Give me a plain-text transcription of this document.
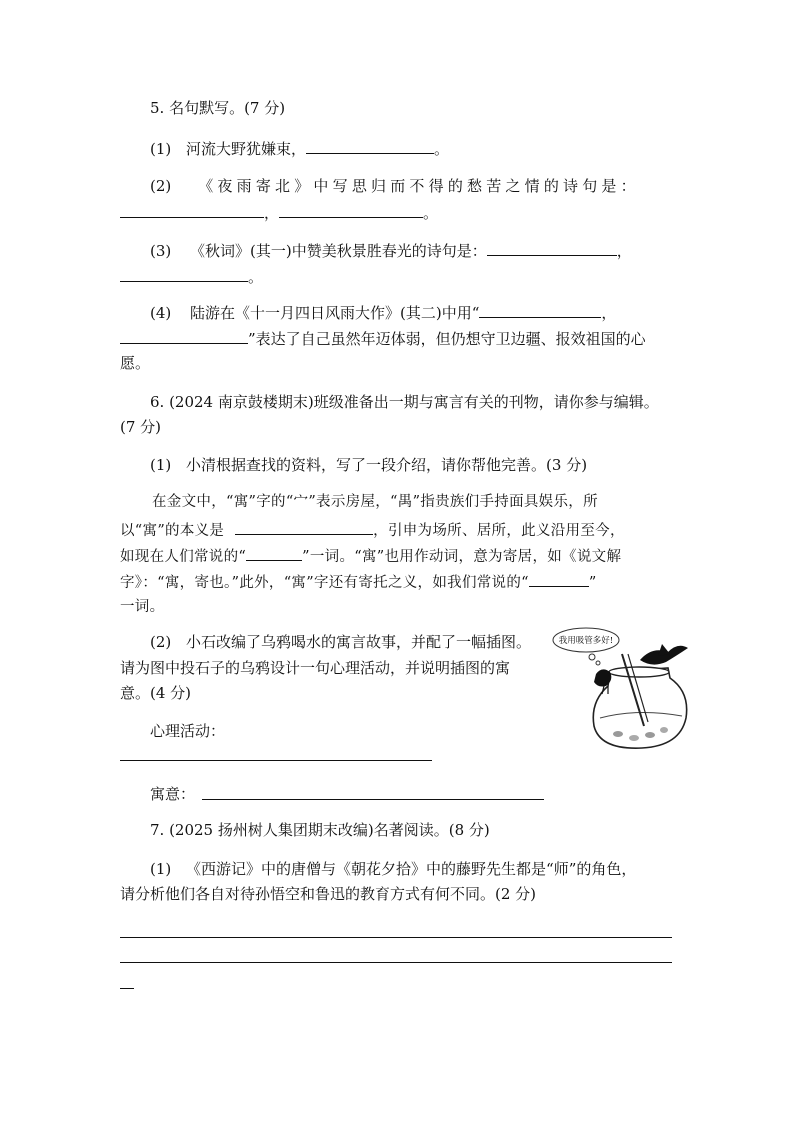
5. 名句默写。(7 分)
(1) 河流大野犹嫌束，	。
(2) 《夜雨寄北》中写思归而不得的愁苦之情的诗句是：
，	。
(3) 《秋词》(其一)中赞美秋景胜春光的诗句是：	，
。
(4) 陆游在《十一月四日风雨大作》(其二)中用“	，
”表达了自己虽然年迈体弱，但仍想守卫边疆、报效祖国的心
愿。
6. (2024 南京鼓楼期末)班级准备出一期与寓言有关的刊物，请你参与编辑。
(7 分)
(1) 小清根据查找的资料，写了一段介绍，请你帮他完善。(3 分)
在金文中，“寓”字的“宀”表示房屋，“禺”指贵族们手持面具娱乐，所
以“寓”的本义是	，引申为场所、居所，此义沿用至今，
如现在人们常说的“	”一词。“寓”也用作动词，意为寄居，如《说文解
字》：“寓，寄也。”此外，“寓”字还有寄托之义，如我们常说的“	”
一词。
(2) 小石改编了乌鸦喝水的寓言故事，并配了一幅插图。
请为图中投石子的乌鸦设计一句心理活动，并说明插图的寓
意。(4 分)
我用吸管多好!
心理活动：
寓意：
7. (2025 扬州树人集团期末改编)名著阅读。(8 分)
(1) 《西游记》中的唐僧与《朝花夕拾》中的藤野先生都是“师”的角色，
请分析他们各自对待孙悟空和鲁迅的教育方式有何不同。(2 分)
